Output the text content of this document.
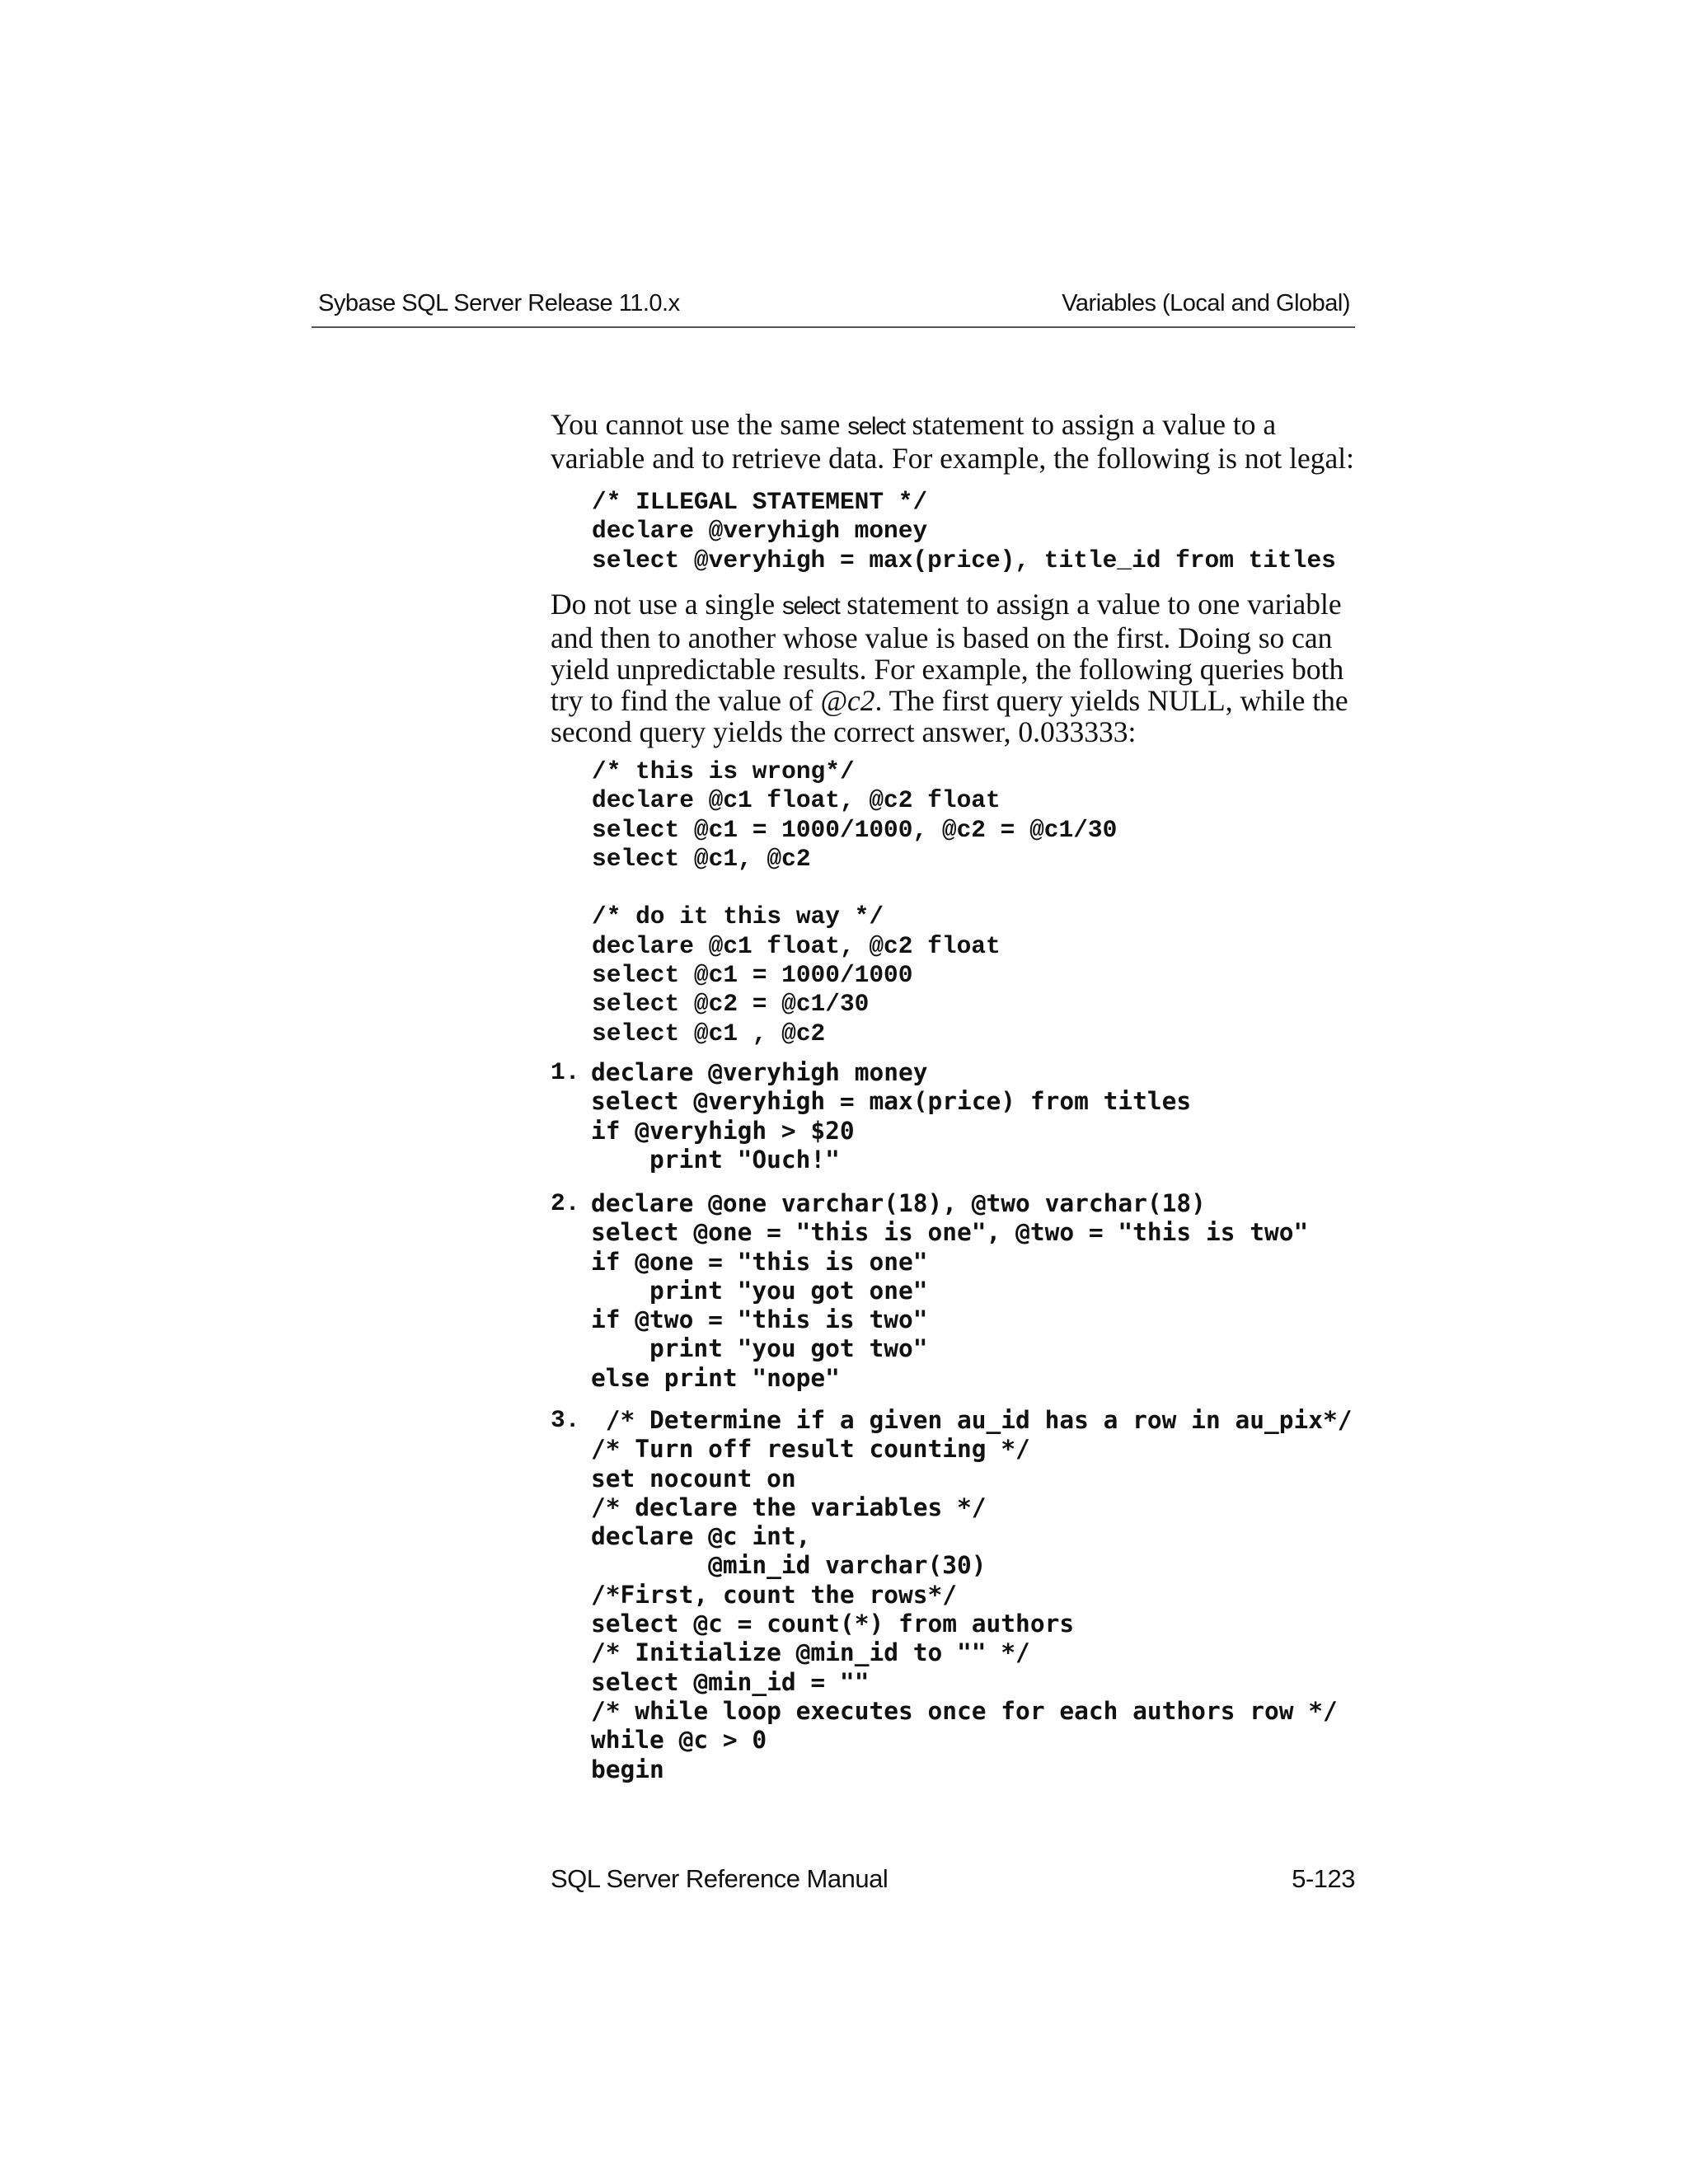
Sybase SQL Server Release 11.0.x	Variables (Local and Global)

You cannot use the same select statement to assign a value to a variable and to retrieve data. For example, the following is not legal:

/* ILLEGAL STATEMENT */
declare @veryhigh money
select @veryhigh = max(price), title_id from titles

Do not use a single select statement to assign a value to one variable and then to another whose value is based on the first. Doing so can yield unpredictable results. For example, the following queries both try to find the value of @c2. The first query yields NULL, while the second query yields the correct answer, 0.033333:

/* this is wrong*/
declare @c1 float, @c2 float
select @c1 = 1000/1000, @c2 = @c1/30
select @c1, @c2

/* do it this way */
declare @c1 float, @c2 float
select @c1 = 1000/1000
select @c2 = @c1/30
select @c1 , @c2
1. declare @veryhigh money
select @veryhigh = max(price) from titles
if @veryhigh > $20
print "Ouch!"
2. declare @one varchar(18), @two varchar(18)
select @one = "this is one", @two = "this is two"
if @one = "this is one"
print "you got one"
if @two = "this is two"
print "you got two"
else print "nope"
3.	/* Determine if a given au_id has a row in au_pix*/
/* Turn off result counting */
set nocount on
/* declare the variables */
declare @c int,
@min_id varchar(30)
/*First, count the rows*/
select @c = count(*) from authors
/* Initialize @min_id to "" */
select @min_id = ""
/* while loop executes once for each authors row */
while @c > 0
begin
SQL Server Reference Manual	5-123
